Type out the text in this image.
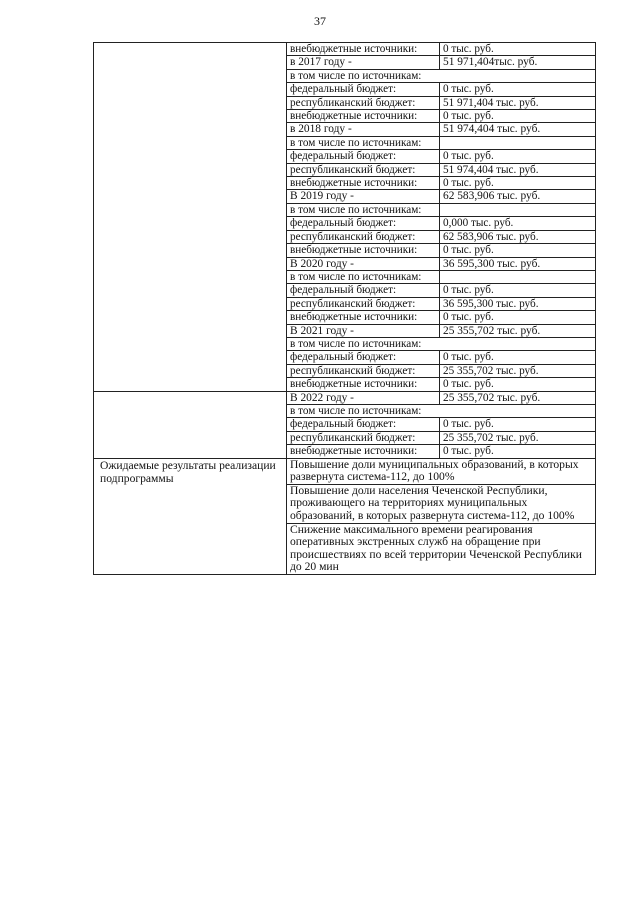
37
	внебюджетные источники:	0 тыс. руб.
	в 2017 году -	51 971,404тыс. руб.
	в том числе по источникам:	
	федеральный бюджет:	0 тыс. руб.
	республиканский бюджет:	51 971,404 тыс. руб.
	внебюджетные источники:	0 тыс. руб.
	в 2018 году -	51 974,404 тыс. руб.
	в том числе по источникам:	
	федеральный бюджет:	0 тыс. руб.
	республиканский бюджет:	51 974,404 тыс. руб.
	внебюджетные источники:	0 тыс. руб.
	В 2019 году -	62 583,906 тыс. руб.
	в том числе по источникам:	
	федеральный бюджет:	0,000 тыс. руб.
	республиканский бюджет:	62 583,906 тыс. руб.
	внебюджетные источники:	0 тыс. руб.
	В 2020 году -	36 595,300 тыс. руб.
	в том числе по источникам:	
	федеральный бюджет:	0 тыс. руб.
	республиканский бюджет:	36 595,300 тыс. руб.
	внебюджетные источники:	0 тыс. руб.
	В 2021 году -	25 355,702 тыс. руб.
	в том числе по источникам:	
	федеральный бюджет:	0 тыс. руб.
	республиканский бюджет:	25 355,702 тыс. руб.
	внебюджетные источники:	0 тыс. руб.
	В 2022 году -	25 355,702 тыс. руб.
	в том числе по источникам:	
	федеральный бюджет:	0 тыс. руб.
	республиканский бюджет:	25 355,702 тыс. руб.
	внебюджетные источники:	0 тыс. руб.
Ожидаемые результаты реализации подпрограммы	Повышение доли муниципальных образований, в которых развернута система-112, до 100%	
	Повышение доли населения Чеченской Республики, проживающего на территориях муниципальных образований, в которых развернута система-112, до 100%	
	Снижение максимального времени реагирования оперативных экстренных служб на обращение при происшествиях по всей территории Чеченской Республики до 20 мин	
